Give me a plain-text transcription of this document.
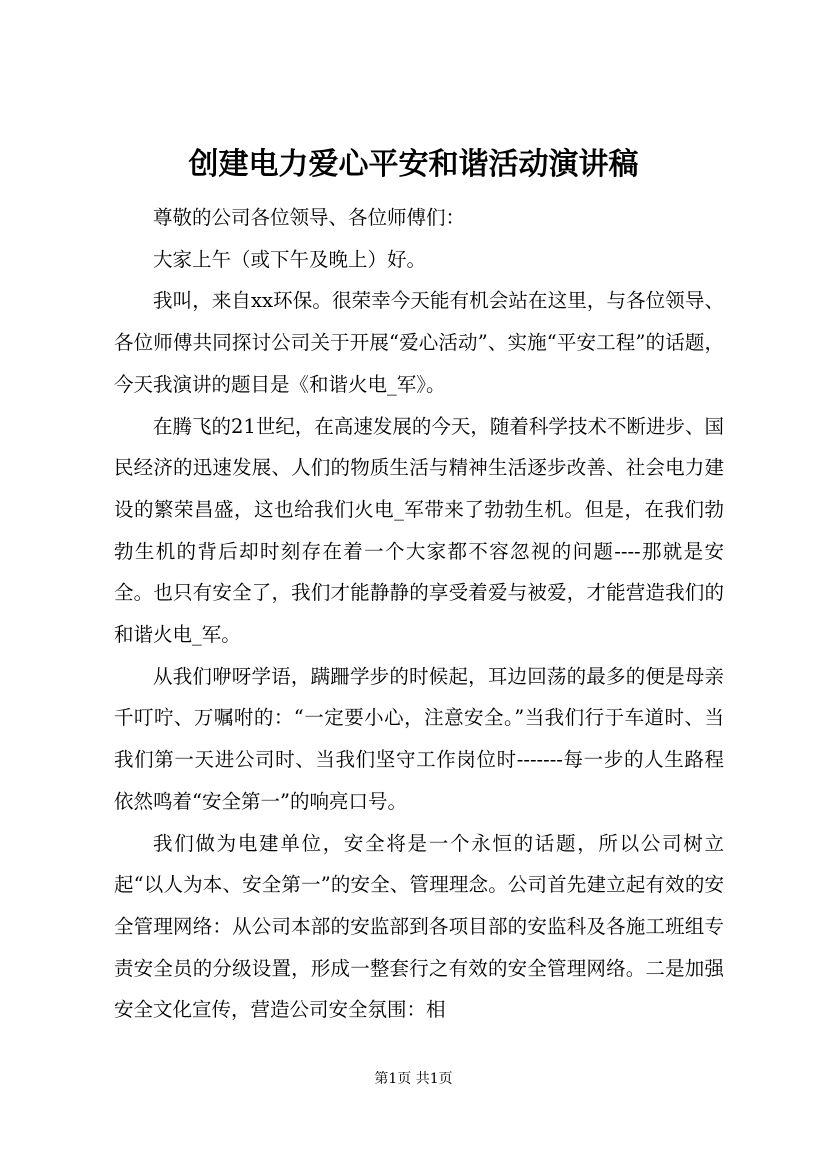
创建电力爱心平安和谐活动演讲稿

尊敬的公司各位领导、各位师傅们：

大家上午（或下午及晚上）好。

我叫，来自xx环保。很荣幸今天能有机会站在这里，与各位领导、各位师傅共同探讨公司关于开展“爱心活动”、实施“平安工程”的话题，今天我演讲的题目是《和谐火电_军》。

在腾飞的21世纪，在高速发展的今天，随着科学技术不断进步、国民经济的迅速发展、人们的物质生活与精神生活逐步改善、社会电力建设的繁荣昌盛，这也给我们火电_军带来了勃勃生机。但是，在我们勃勃生机的背后却时刻存在着一个大家都不容忽视的问题----那就是安全。也只有安全了，我们才能静静的享受着爱与被爱，才能营造我们的和谐火电_军。

从我们咿呀学语，蹒跚学步的时候起，耳边回荡的最多的便是母亲千叮咛、万嘱咐的：“一定要小心，注意安全。”当我们行于车道时、当我们第一天进公司时、当我们坚守工作岗位时-------每一步的人生路程依然鸣着“安全第一”的响亮口号。

我们做为电建单位，安全将是一个永恒的话题，所以公司树立起“以人为本、安全第一”的安全、管理理念。公司首先建立起有效的安全管理网络：从公司本部的安监部到各项目部的安监科及各施工班组专责安全员的分级设置，形成一整套行之有效的安全管理网络。二是加强安全文化宣传，营造公司安全氛围：相

第1页 共1页
